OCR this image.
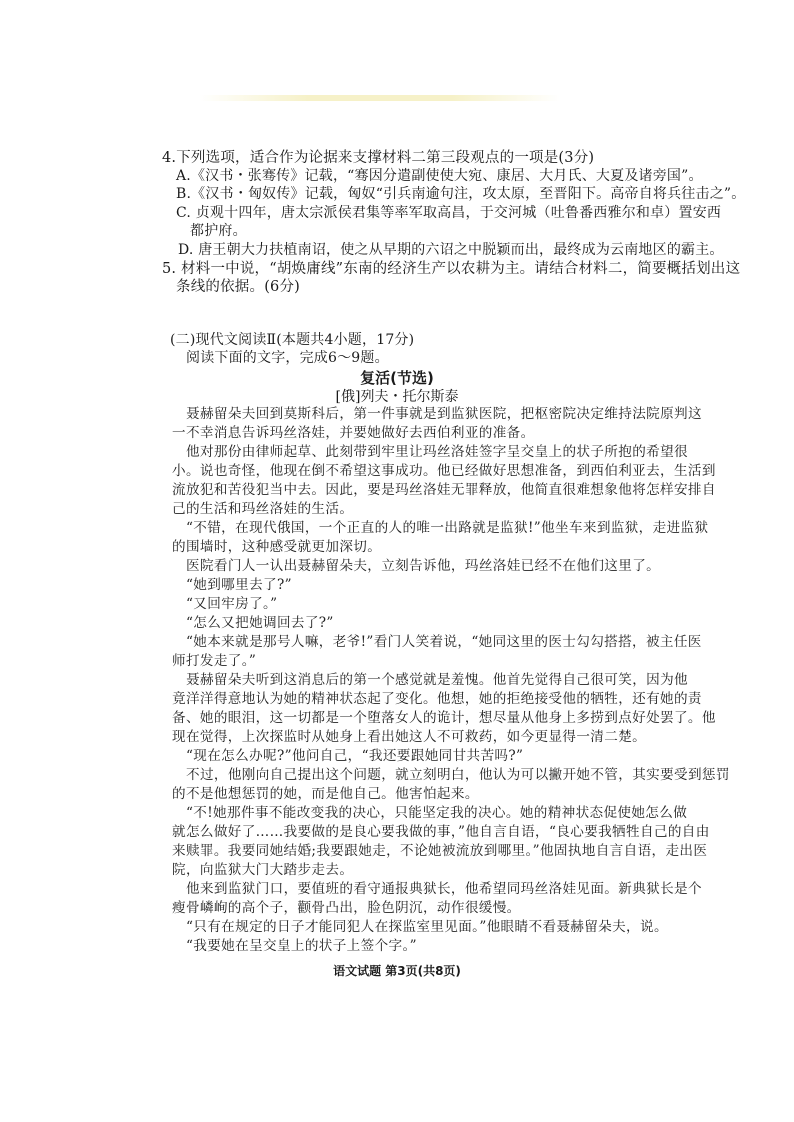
4.下列选项，适合作为论据来支撑材料二第三段观点的一项是(3分)
A.《汉书・张骞传》记载，“骞因分遣副使使大宛、康居、大月氏、大夏及诸旁国”。
B.《汉书・匈奴传》记载，匈奴“引兵南逾句注，攻太原，至晋阳下。高帝自将兵往击之”。
C. 贞观十四年，唐太宗派侯君集等率军取高昌，于交河城（吐鲁番西雅尔和卓）置安西
都护府。
D. 唐王朝大力扶植南诏，使之从早期的六诏之中脱颖而出，最终成为云南地区的霸主。
5. 材料一中说，“胡焕庸线”东南的经济生产以农耕为主。请结合材料二，简要概括划出这
条线的依据。(6分)
(二)现代文阅读Ⅱ(本题共4小题，17分)
阅读下面的文字，完成6～9题。
复活(节选)
[俄]列夫・托尔斯泰
聂赫留朵夫回到莫斯科后，第一件事就是到监狱医院，把枢密院决定维持法院原判这
一不幸消息告诉玛丝洛娃，并要她做好去西伯利亚的准备。
他对那份由律师起草、此刻带到牢里让玛丝洛娃签字呈交皇上的状子所抱的希望很
小。说也奇怪，他现在倒不希望这事成功。他已经做好思想准备，到西伯利亚去，生活到
流放犯和苦役犯当中去。因此，要是玛丝洛娃无罪释放，他简直很难想象他将怎样安排自
己的生活和玛丝洛娃的生活。
“不错，在现代俄国，一个正直的人的唯一出路就是监狱!”他坐车来到监狱，走进监狱
的围墙时，这种感受就更加深切。
医院看门人一认出聂赫留朵夫，立刻告诉他，玛丝洛娃已经不在他们这里了。
“她到哪里去了?”
“又回牢房了。”
“怎么又把她调回去了?”
“她本来就是那号人嘛，老爷!”看门人笑着说，“她同这里的医士勾勾搭搭，被主任医
师打发走了。”
聂赫留朵夫听到这消息后的第一个感觉就是羞愧。他首先觉得自己很可笑，因为他
竟洋洋得意地认为她的精神状态起了变化。他想，她的拒绝接受他的牺牲，还有她的责
备、她的眼泪，这一切都是一个堕落女人的诡计，想尽量从他身上多捞到点好处罢了。他
现在觉得，上次探监时从她身上看出她这人不可救药，如今更显得一清二楚。
“现在怎么办呢?”他问自己，“我还要跟她同甘共苦吗?”
不过，他刚向自己提出这个问题，就立刻明白，他认为可以撇开她不管，其实要受到惩罚
的不是他想惩罚的她，而是他自己。他害怕起来。
“不!她那件事不能改变我的决心，只能坚定我的决心。她的精神状态促使她怎么做
就怎么做好了……我要做的是良心要我做的事，”他自言自语，“良心要我牺牲自己的自由
来赎罪。我要同她结婚;我要跟她走，不论她被流放到哪里。”他固执地自言自语，走出医
院，向监狱大门大踏步走去。
他来到监狱门口，要值班的看守通报典狱长，他希望同玛丝洛娃见面。新典狱长是个
瘦骨嶙峋的高个子，颧骨凸出，脸色阴沉，动作很缓慢。
“只有在规定的日子才能同犯人在探监室里见面。”他眼睛不看聂赫留朵夫，说。
“我要她在呈交皇上的状子上签个字。”
语文试题 第3页(共8页)
